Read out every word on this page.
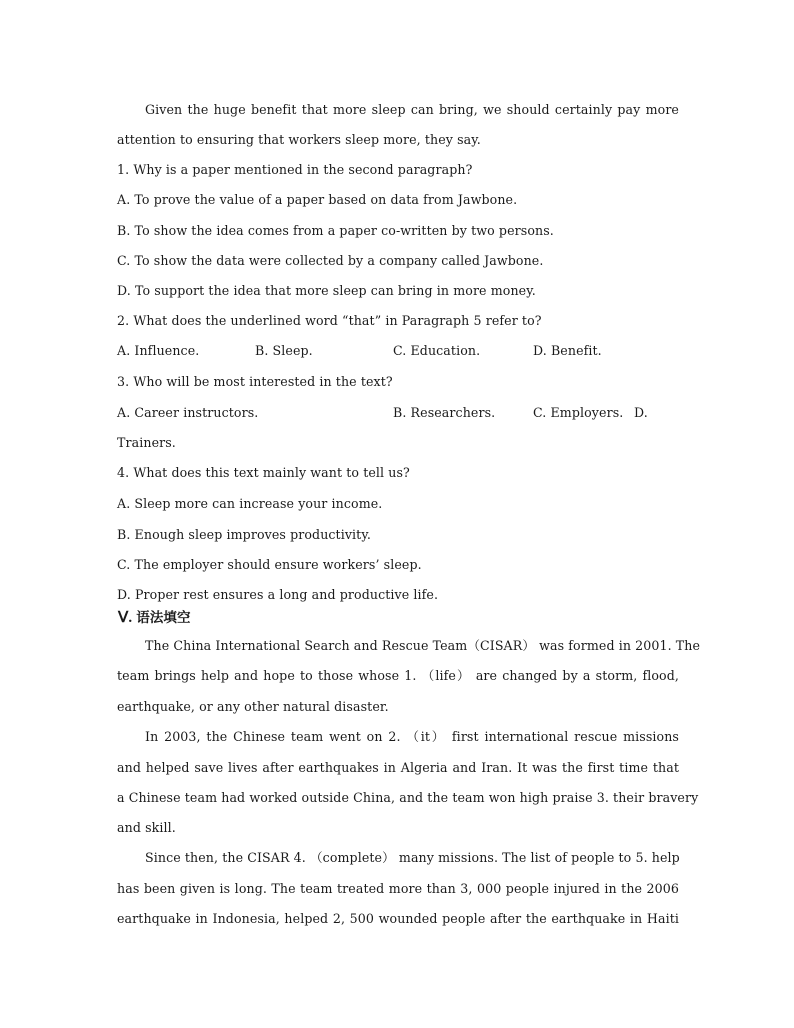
Given the huge benefit that more sleep can bring, we should certainly pay more
attention to ensuring that workers sleep more, they say.
1. Why is a paper mentioned in the second paragraph?
A. To prove the value of a paper based on data from Jawbone.
B. To show the idea comes from a paper co-written by two persons.
C. To show the data were collected by a company called Jawbone.
D. To support the idea that more sleep can bring in more money.
2. What does the underlined word “that” in Paragraph 5 refer to?
A. Influence.	B. Sleep.	C. Education.	D. Benefit.
3. Who will be most interested in the text?
A. Career instructors.	B. Researchers.	C. Employers. D.
Trainers.
4. What does this text mainly want to tell us?
A. Sleep more can increase your income.
B. Enough sleep improves productivity.
C. The employer should ensure workers’ sleep.
D. Proper rest ensures a long and productive life.
Ⅴ. 语法填空
The China International Search and Rescue Team（CISAR） was formed in 2001. The
team brings help and hope to those whose 1. （life） are changed by a storm, flood,
earthquake, or any other natural disaster.
In 2003, the Chinese team went on 2. （it） first international rescue missions
and helped save lives after earthquakes in Algeria and Iran. It was the first time that
a Chinese team had worked outside China, and the team won high praise 3. their bravery
and skill.
Since then, the CISAR 4. （complete） many missions. The list of people to 5. help
has been given is long. The team treated more than 3, 000 people injured in the 2006
earthquake in Indonesia, helped 2, 500 wounded people after the earthquake in Haiti
